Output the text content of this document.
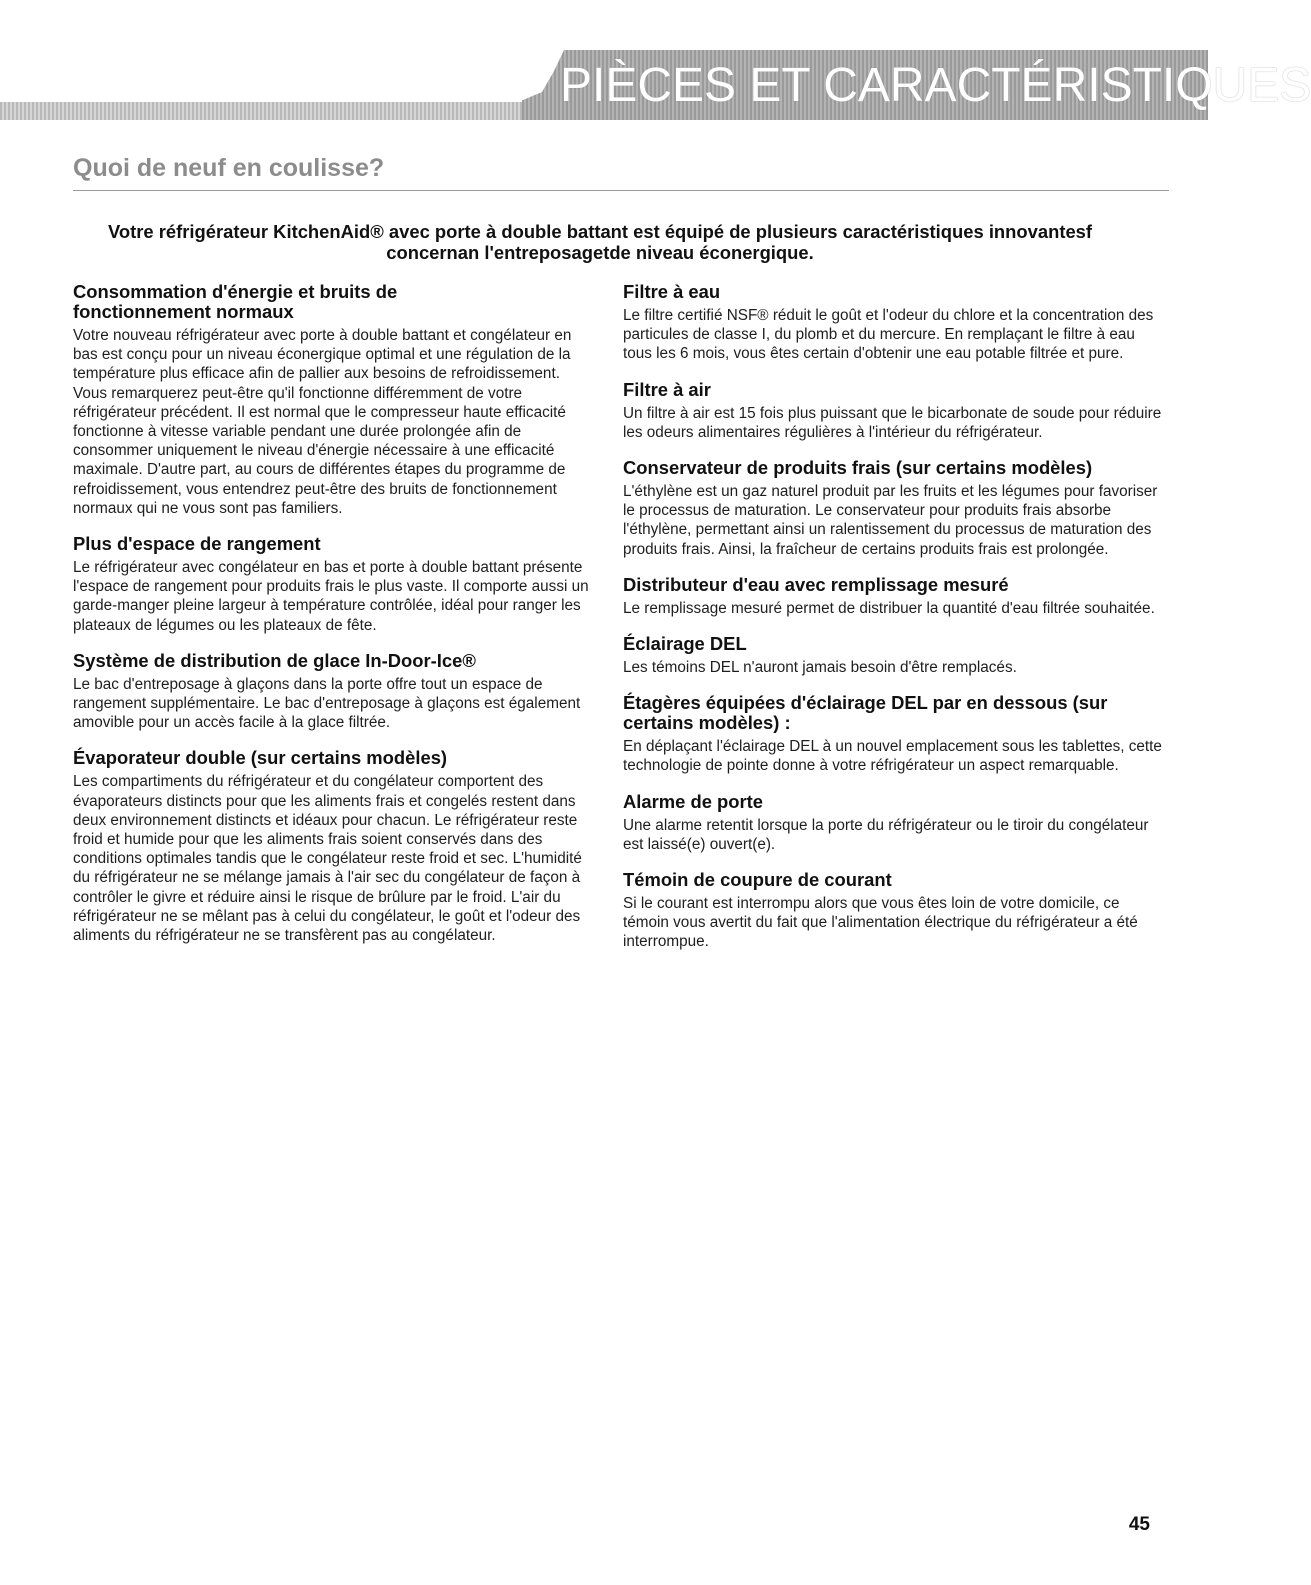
PIÈCES ET CARACTÉRISTIQUES
Quoi de neuf en coulisse?
Votre réfrigérateur KitchenAid® avec porte à double battant est équipé de plusieurs caractéristiques innovantesf concernan l'entreposagetde niveau éconergique.
Consommation d'énergie et bruits de fonctionnement normaux

Votre nouveau réfrigérateur avec porte à double battant et congélateur en bas est conçu pour un niveau éconergique optimal et une régulation de la température plus efficace afin de pallier aux besoins de refroidissement. Vous remarquerez peut-être qu'il fonctionne différemment de votre réfrigérateur précédent. Il est normal que le compresseur haute efficacité fonctionne à vitesse variable pendant une durée prolongée afin de consommer uniquement le niveau d'énergie nécessaire à une efficacité maximale. D'autre part, au cours de différentes étapes du programme de refroidissement, vous entendrez peut-être des bruits de fonctionnement normaux qui ne vous sont pas familiers.

Plus d'espace de rangement

Le réfrigérateur avec congélateur en bas et porte à double battant présente l'espace de rangement pour produits frais le plus vaste. Il comporte aussi un garde-manger pleine largeur à température contrôlée, idéal pour ranger les plateaux de légumes ou les plateaux de fête.

Système de distribution de glace In-Door-Ice®

Le bac d'entreposage à glaçons dans la porte offre tout un espace de rangement supplémentaire. Le bac d'entreposage à glaçons est également amovible pour un accès facile à la glace filtrée.

Évaporateur double (sur certains modèles)

Les compartiments du réfrigérateur et du congélateur comportent des évaporateurs distincts pour que les aliments frais et congelés restent dans deux environnement distincts et idéaux pour chacun. Le réfrigérateur reste froid et humide pour que les aliments frais soient conservés dans des conditions optimales tandis que le congélateur reste froid et sec. L'humidité du réfrigérateur ne se mélange jamais à l'air sec du congélateur de façon à contrôler le givre et réduire ainsi le risque de brûlure par le froid. L'air du réfrigérateur ne se mêlant pas à celui du congélateur, le goût et l'odeur des aliments du réfrigérateur ne se transfèrent pas au congélateur.

Filtre à eau

Le filtre certifié NSF® réduit le goût et l'odeur du chlore et la concentration des particules de classe I, du plomb et du mercure. En remplaçant le filtre à eau tous les 6 mois, vous êtes certain d'obtenir une eau potable filtrée et pure.

Filtre à air

Un filtre à air est 15 fois plus puissant que le bicarbonate de soude pour réduire les odeurs alimentaires régulières à l'intérieur du réfrigérateur.

Conservateur de produits frais (sur certains modèles)

L'éthylène est un gaz naturel produit par les fruits et les légumes pour favoriser le processus de maturation. Le conservateur pour produits frais absorbe l'éthylène, permettant ainsi un ralentissement du processus de maturation des produits frais. Ainsi, la fraîcheur de certains produits frais est prolongée.

Distributeur d'eau avec remplissage mesuré

Le remplissage mesuré permet de distribuer la quantité d'eau filtrée souhaitée.

Éclairage DEL

Les témoins DEL n'auront jamais besoin d'être remplacés.

Étagères équipées d'éclairage DEL par en dessous (sur certains modèles) :

En déplaçant l'éclairage DEL à un nouvel emplacement sous les tablettes, cette technologie de pointe donne à votre réfrigérateur un aspect remarquable.

Alarme de porte

Une alarme retentit lorsque la porte du réfrigérateur ou le tiroir du congélateur est laissé(e) ouvert(e).

Témoin de coupure de courant

Si le courant est interrompu alors que vous êtes loin de votre domicile, ce témoin vous avertit du fait que l'alimentation électrique du réfrigérateur a été interrompue.

45
